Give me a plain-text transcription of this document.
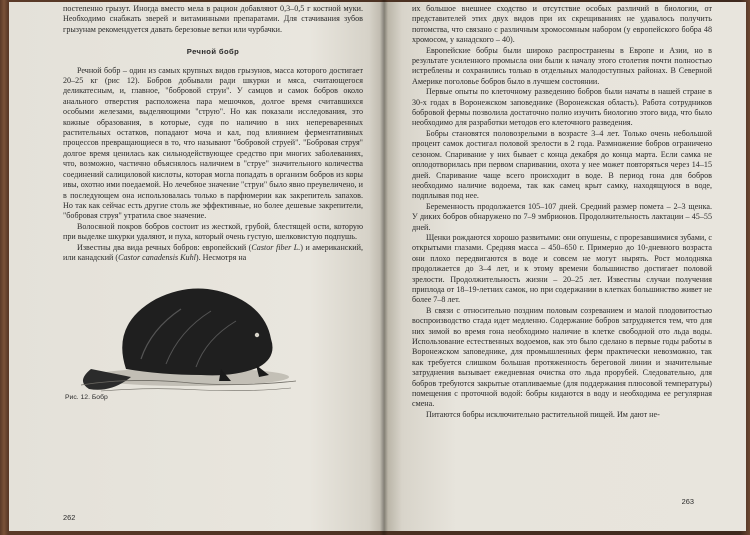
постепенно грызут. Иногда вместо мела в рацион добавляют 0,3–0,5 г костной муки. Необходимо снабжать зверей и витаминными препаратами. Для стачивания зубов грызунам рекомендуется давать березовые ветки или чурбачки.

Речной бобр

Речной бобр – один из самых крупных видов грызунов, масса которого достигает 20–25 кг (рис 12). Бобров добывали ради шкурки и мяса, считающегося деликатесным, и, главное, "бобровой струи". У самцов и самок бобров около анального отверстия расположена пара мешочков, долгое время считавшихся особыми железами, выделяющими "струю". Но как показали исследования, это кожные образования, в которые, судя по наличию в них непереваренных растительных остатков, попадают моча и кал, под влиянием ферментативных процессов превращающиеся в то, что называют "бобровой струей". "Бобровая струя" долгое время ценилась как сильнодействующее средство при многих заболеваниях, что, возможно, частично объяснялось наличием в "струе" значительного количества соединений салициловой кислоты, которая могла попадать в организм бобров из коры ивы, охотно ими поедаемой. Но лечебное значение "струи" было явно преувеличено, и в последующем она использовалась только в парфюмерии как закрепитель запахов. Но так как сейчас есть другие столь же эффективные, но более дешевые закрепители, "бобровая струя" утратила свое значение.

Волосяной покров бобров состоит из жесткой, грубой, блестящей ости, которую при выделке шкурки удаляют, и пуха, который очень густую, шелковистую подпушь.

Известны два вида речных бобров: европейский (Castor fiber L.) и американский, или канадский (Castor canadensis Kuhl). Несмотря на

Рис. 12. Бобр
262

их большое внешнее сходство и отсутствие особых различий в биологии, от представителей этих двух видов при их скрещиваниях не удавалось получить потомства, что связано с различным хромосомным набором (у европейского бобра 48 хромосом, у канадского – 40).

Европейские бобры были широко распространены в Европе и Азии, но в результате усиленного промысла они были к началу этого столетия почти полностью истреблены и сохранились только в отдельных малодоступных районах. В Северной Америке поголовье бобров было в лучшем состоянии.

Первые опыты по клеточному разведению бобров были начаты в нашей стране в 30-х годах в Воронежском заповеднике (Воронежская область). Работа сотрудников бобровой фермы позволила достаточно полно изучить биологию этого вида, что было необходимо для разработки методов его клеточного разведения.

Бобры становятся половозрелыми в возрасте 3–4 лет. Только очень небольшой процент самок достигал половой зрелости в 2 года. Размножение бобров ограничено сезоном. Спаривание у них бывает с конца декабря до конца марта. Если самка не оплодотворилась при первом спаривании, охота у нее может повторяться через 14–15 дней. Спаривание чаще всего происходит в воде. В период гона для бобров необходимо наличие водоема, так как самец крыт самку, находящуюся в воде, подплывая под нее.

Беременность продолжается 105–107 дней. Средний размер помета – 2–3 щенка. У диких бобров обнаружено по 7–9 эмбрионов. Продолжительность лактации – 45–55 дней.

Щенки рождаются хорошо развитыми: они опушены, с прорезавшимися зубами, с открытыми глазами. Средняя масса – 450–650 г. Примерно до 10-дневного возраста они плохо передвигаются в воде и совсем не могут нырять. Рост молодняка продолжается до 3–4 лет, и к этому времени большинство достигает половой зрелости. Продолжительность жизни – 20–25 лет. Известны случаи получения приплода от 18–19-летних самок, но при содержании в клетках большинство живет не более 7–8 лет.

В связи с относительно поздним половым созреванием и малой плодовитостью воспроизводство стада идет медленно. Содержание бобров затрудняется тем, что для них зимой во время гона необходимо наличие в клетке свободной ото льда воды. Использование естественных водоемов, как это было сделано в первые годы работы в Воронежском заповеднике, для промышленных ферм практически невозможно, так как требуется слишком большая протяженность береговой линии и значительные затруднения вызывает ежедневная очистка ото льда прорубей. Следовательно, для бобров требуются закрытые отапливаемые (для поддержания плюсовой температуры) помещения с проточной водой: бобры кидаются в воду и необходима ее регулярная смена.

Питаются бобры исключительно растительной пищей. Им дают не-

263
